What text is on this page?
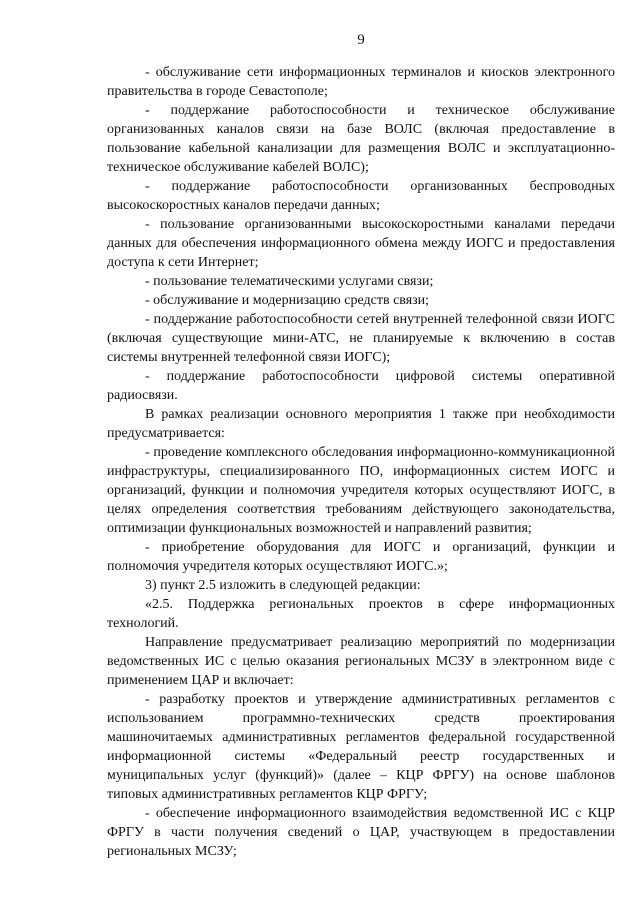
9

- обслуживание сети информационных терминалов и киосков электронного правительства в городе Севастополе;

- поддержание работоспособности и техническое обслуживание организованных каналов связи на базе ВОЛС (включая предоставление в пользование кабельной канализации для размещения ВОЛС и эксплуатационно-техническое обслуживание кабелей ВОЛС);

- поддержание работоспособности организованных беспроводных высокоскоростных каналов передачи данных;

- пользование организованными высокоскоростными каналами передачи данных для обеспечения информационного обмена между ИОГС и предоставления доступа к сети Интернет;

- пользование телематическими услугами связи;

- обслуживание и модернизацию средств связи;

- поддержание работоспособности сетей внутренней телефонной связи ИОГС (включая существующие мини-АТС, не планируемые к включению в состав системы внутренней телефонной связи ИОГС);

- поддержание работоспособности цифровой системы оперативной радиосвязи.

В рамках реализации основного мероприятия 1 также при необходимости предусматривается:

- проведение комплексного обследования информационно-коммуникационной инфраструктуры, специализированного ПО, информационных систем ИОГС и организаций, функции и полномочия учредителя которых осуществляют ИОГС, в целях определения соответствия требованиям действующего законодательства, оптимизации функциональных возможностей и направлений развития;

- приобретение оборудования для ИОГС и организаций, функции и полномочия учредителя которых осуществляют ИОГС.»;

3) пункт 2.5 изложить в следующей редакции:

«2.5. Поддержка региональных проектов в сфере информационных технологий.

Направление предусматривает реализацию мероприятий по модернизации ведомственных ИС с целью оказания региональных МСЗУ в электронном виде с применением ЦАР и включает:

- разработку проектов и утверждение административных регламентов с использованием программно-технических средств проектирования машиночитаемых административных регламентов федеральной государственной информационной системы «Федеральный реестр государственных и муниципальных услуг (функций)» (далее – КЦР ФРГУ) на основе шаблонов типовых административных регламентов КЦР ФРГУ;

- обеспечение информационного взаимодействия ведомственной ИС с КЦР ФРГУ в части получения сведений о ЦАР, участвующем в предоставлении региональных МСЗУ;
